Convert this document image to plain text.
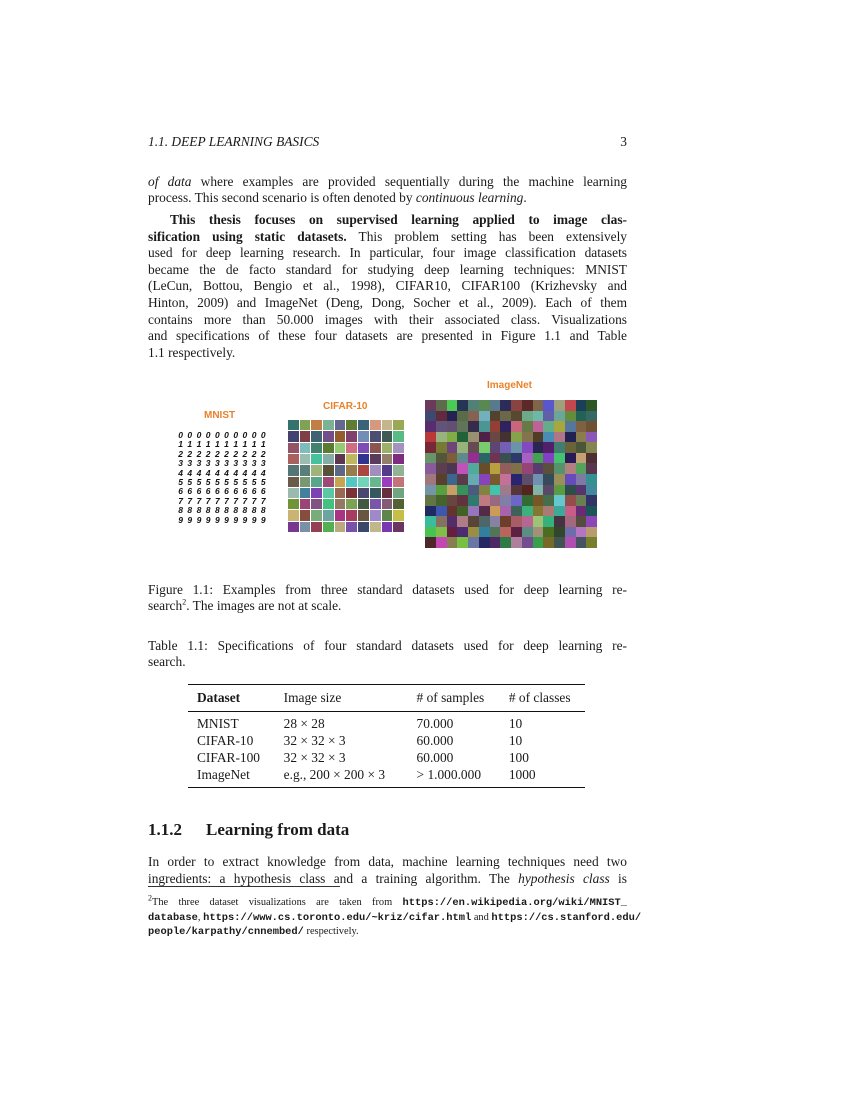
1.1. DEEP LEARNING BASICS	3
MNIST
CIFAR-10
ImageNet
0 0 0 0 0 0 0 0 0 0
1 1 1 1 1 1 1 1 1 1
2 2 2 2 2 2 2 2 2 2
3 3 3 3 3 3 3 3 3 3
4 4 4 4 4 4 4 4 4 4
5 5 5 5 5 5 5 5 5 5
6 6 6 6 6 6 6 6 6 6
7 7 7 7 7 7 7 7 7 7
8 8 8 8 8 8 8 8 8 8
9 9 9 9 9 9 9 9 9 9
Dataset	Image size	# of samples	# of classes
MNIST	28 × 28	70.000	10
CIFAR-10	32 × 32 × 3	60.000	10
CIFAR-100	32 × 32 × 3	60.000	100
ImageNet	e.g., 200 × 200 × 3	> 1.000.000	1000
1.1.2 Learning from data
of data where examples are provided sequentially during the machine learning
process. This second scenario is often denoted by continuous learning.
This thesis focuses on supervised learning applied to image clas-
sification using static datasets. This problem setting has been extensively
used for deep learning research. In particular, four image classification datasets
became the de facto standard for studying deep learning techniques: MNIST
(LeCun, Bottou, Bengio et al., 1998), CIFAR10, CIFAR100 (Krizhevsky and
Hinton, 2009) and ImageNet (Deng, Dong, Socher et al., 2009). Each of them
contains more than 50.000 images with their associated class. Visualizations
and specifications of these four datasets are presented in Figure 1.1 and Table
1.1 respectively.
Figure 1.1: Examples from three standard datasets used for deep learning re-
search$^2$. The images are not at scale.
Table 1.1: Specifications of four standard datasets used for deep learning re-
search.
In order to extract knowledge from data, machine learning techniques need two
ingredients: a hypothesis class and a training algorithm. The hypothesis class is
$^2$The three dataset visualizations are taken from https://en.wikipedia.org/wiki/MNIST_
database, https://www.cs.toronto.edu/~kriz/cifar.html and https://cs.stanford.edu/
people/karpathy/cnnembed/ respectively.
